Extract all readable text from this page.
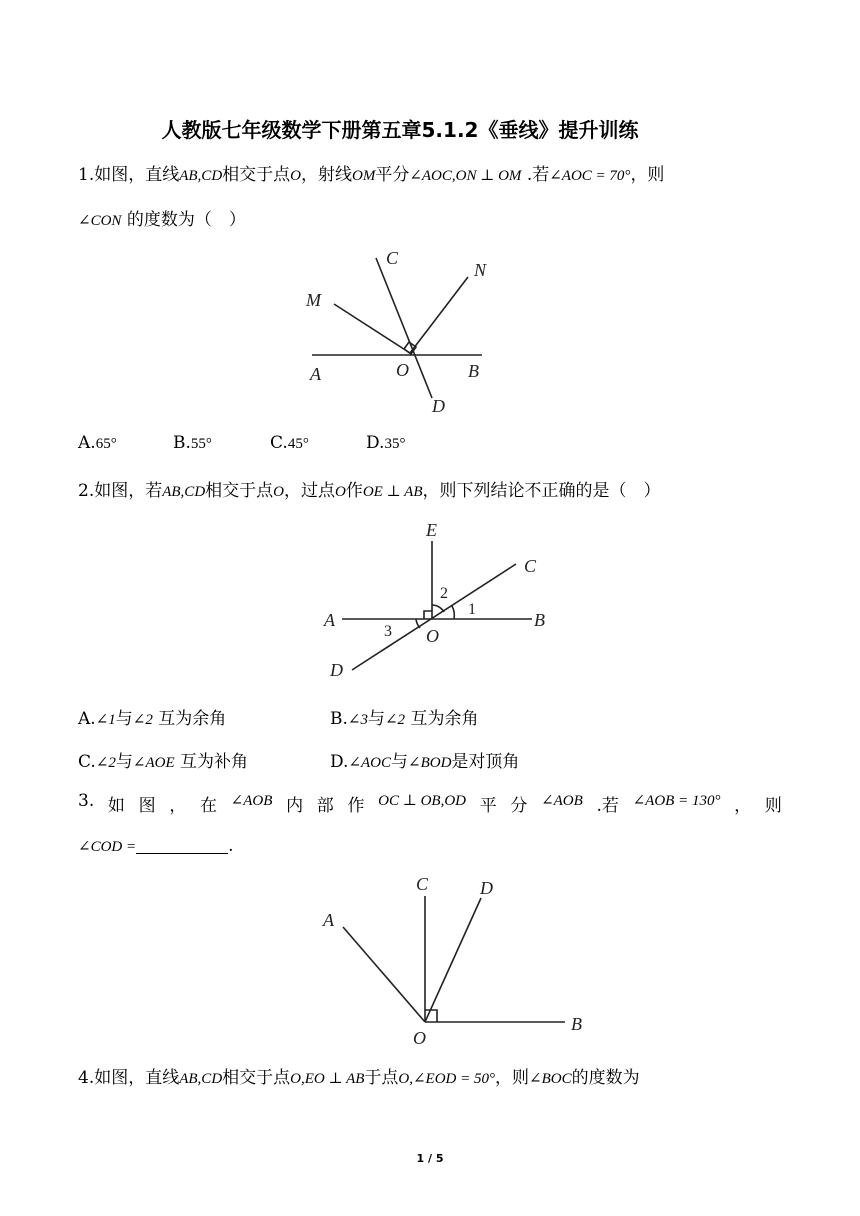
人教版七年级数学下册第五章5.1.2《垂线》提升训练
1.如图，直线AB,CD相交于点O，射线OM平分∠AOC,ON ⊥ OM .若∠AOC = 70°，则
∠CON 的度数为（　）
C
N
M
A	O	B
D
A.65°	B.55°	C.45°	D.35°
2.如图，若AB,CD相交于点O，过点O作OE ⊥ AB，则下列结论不正确的是（　）
E
C
A	B
O
D
1
2
3
A.∠1与∠2 互为余角	B.∠3与∠2 互为余角
C.∠2与∠AOE 互为补角	D.∠AOC与∠BOD是对顶角
3. 如 图 ， 在 ∠AOB 内 部 作 OC ⊥ OB,OD 平 分 ∠AOB .若 ∠AOB = 130° ， 则
∠COD =	.
C	D
A
O
B
4.如图，直线AB,CD相交于点O,EO ⊥ AB于点O,∠EOD = 50°，则∠BOC的度数为
1 / 5
